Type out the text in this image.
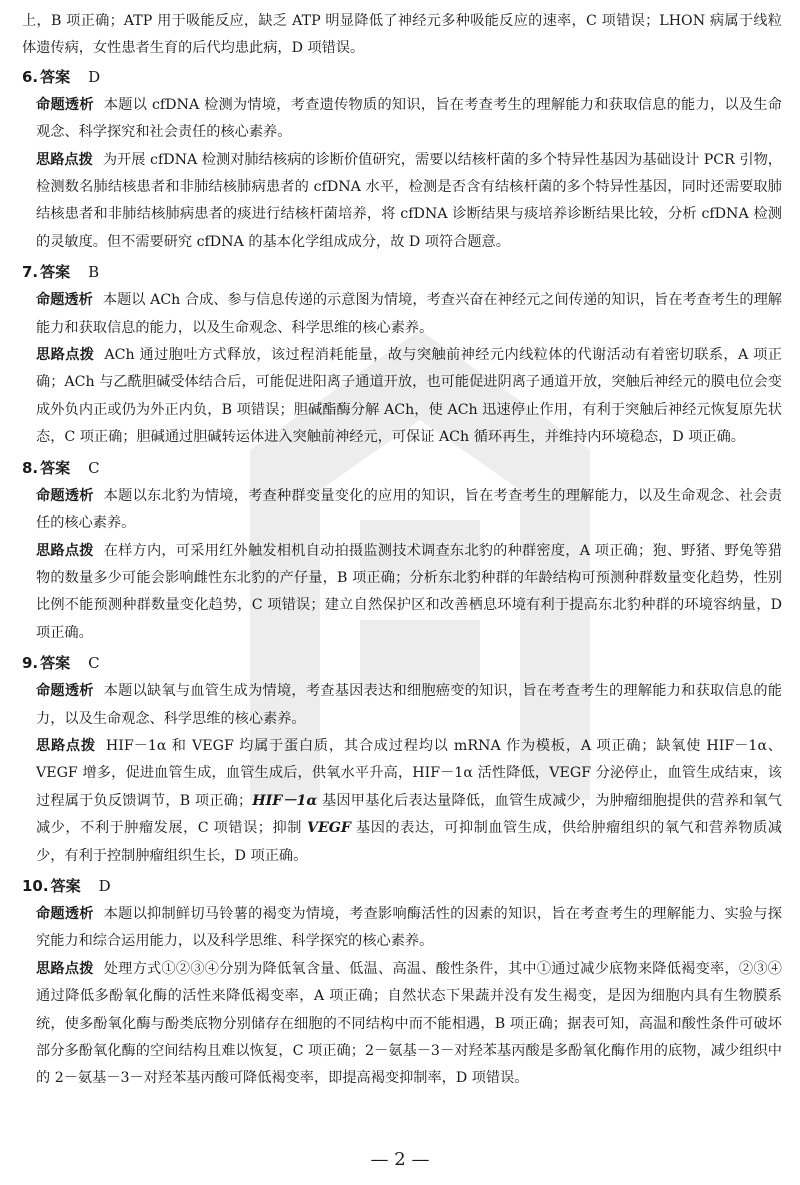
上，B 项正确；ATP 用于吸能反应，缺乏 ATP 明显降低了神经元多种吸能反应的速率，C 项错误；LHON 病属于线粒体遗传病，女性患者生育的后代均患此病，D 项错误。

6. 答案 D

命题透析 本题以 cfDNA 检测为情境，考查遗传物质的知识，旨在考查考生的理解能力和获取信息的能力，以及生命观念、科学探究和社会责任的核心素养。

思路点拨 为开展 cfDNA 检测对肺结核病的诊断价值研究，需要以结核杆菌的多个特异性基因为基础设计 PCR 引物，检测数名肺结核患者和非肺结核肺病患者的 cfDNA 水平，检测是否含有结核杆菌的多个特异性基因，同时还需要取肺结核患者和非肺结核肺病患者的痰进行结核杆菌培养，将 cfDNA 诊断结果与痰培养诊断结果比较，分析 cfDNA 检测的灵敏度。但不需要研究 cfDNA 的基本化学组成成分，故 D 项符合题意。

7. 答案 B

命题透析 本题以 ACh 合成、参与信息传递的示意图为情境，考查兴奋在神经元之间传递的知识，旨在考查考生的理解能力和获取信息的能力，以及生命观念、科学思维的核心素养。

思路点拨 ACh 通过胞吐方式释放，该过程消耗能量，故与突触前神经元内线粒体的代谢活动有着密切联系，A 项正确；ACh 与乙酰胆碱受体结合后，可能促进阳离子通道开放，也可能促进阴离子通道开放，突触后神经元的膜电位会变成外负内正或仍为外正内负，B 项错误；胆碱酯酶分解 ACh，使 ACh 迅速停止作用，有利于突触后神经元恢复原先状态，C 项正确；胆碱通过胆碱转运体进入突触前神经元，可保证 ACh 循环再生，并维持内环境稳态，D 项正确。

8. 答案 C

命题透析 本题以东北豹为情境，考查种群变量变化的应用的知识，旨在考查考生的理解能力，以及生命观念、社会责任的核心素养。

思路点拨 在样方内，可采用红外触发相机自动拍摄监测技术调查东北豹的种群密度，A 项正确；狍、野猪、野兔等猎物的数量多少可能会影响雌性东北豹的产仔量，B 项正确；分析东北豹种群的年龄结构可预测种群数量变化趋势，性别比例不能预测种群数量变化趋势，C 项错误；建立自然保护区和改善栖息环境有利于提高东北豹种群的环境容纳量，D 项正确。

9. 答案 C

命题透析 本题以缺氧与血管生成为情境，考查基因表达和细胞癌变的知识，旨在考查考生的理解能力和获取信息的能力，以及生命观念、科学思维的核心素养。

思路点拨 HIF－1α 和 VEGF 均属于蛋白质，其合成过程均以 mRNA 作为模板，A 项正确；缺氧使 HIF－1α、VEGF 增多，促进血管生成，血管生成后，供氧水平升高，HIF－1α 活性降低，VEGF 分泌停止，血管生成结束，该过程属于负反馈调节，B 项正确；HIF－1α 基因甲基化后表达量降低，血管生成减少，为肿瘤细胞提供的营养和氧气减少，不利于肿瘤发展，C 项错误；抑制 VEGF 基因的表达，可抑制血管生成，供给肿瘤组织的氧气和营养物质减少，有利于控制肿瘤组织生长，D 项正确。

10. 答案 D

命题透析 本题以抑制鲜切马铃薯的褐变为情境，考查影响酶活性的因素的知识，旨在考查考生的理解能力、实验与探究能力和综合运用能力，以及科学思维、科学探究的核心素养。

思路点拨 处理方式①②③④分别为降低氧含量、低温、高温、酸性条件，其中①通过减少底物来降低褐变率，②③④通过降低多酚氧化酶的活性来降低褐变率，A 项正确；自然状态下果蔬并没有发生褐变，是因为细胞内具有生物膜系统，使多酚氧化酶与酚类底物分别储存在细胞的不同结构中而不能相遇，B 项正确；据表可知，高温和酸性条件可破坏部分多酚氧化酶的空间结构且难以恢复，C 项正确；2－氨基－3－对羟苯基丙酸是多酚氧化酶作用的底物，减少组织中的 2－氨基－3－对羟苯基丙酸可降低褐变率，即提高褐变抑制率，D 项错误。

— 2 —
